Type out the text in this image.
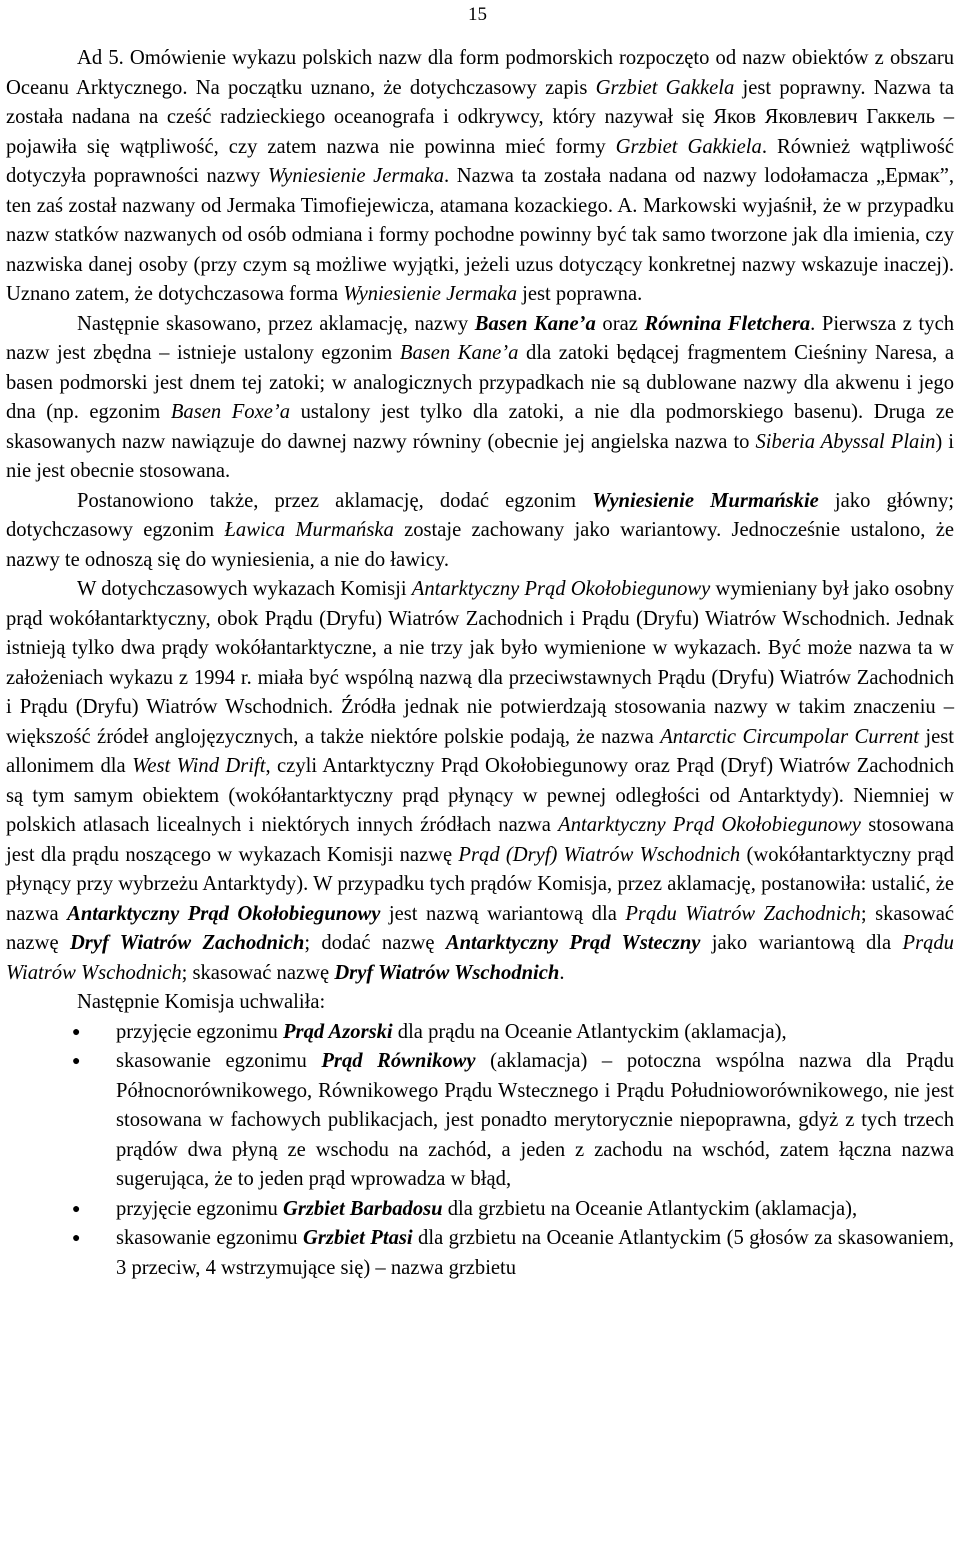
15

Ad 5. Omówienie wykazu polskich nazw dla form podmorskich rozpoczęto od nazw obiektów z obszaru Oceanu Arktycznego. Na początku uznano, że dotychczasowy zapis Grzbiet Gakkela jest poprawny. Nazwa ta została nadana na cześć radzieckiego oceanografa i odkrywcy, który nazywał się Яков Яковлевич Гаккель – pojawiła się wątpliwość, czy zatem nazwa nie powinna mieć formy Grzbiet Gakkiela. Również wątpliwość dotyczyła poprawności nazwy Wyniesienie Jermaka. Nazwa ta została nadana od nazwy lodołamacza „Ермак”, ten zaś został nazwany od Jermaka Timofiejewicza, atamana kozackiego. A. Markowski wyjaśnił, że w przypadku nazw statków nazwanych od osób odmiana i formy pochodne powinny być tak samo tworzone jak dla imienia, czy nazwiska danej osoby (przy czym są możliwe wyjątki, jeżeli uzus dotyczący konkretnej nazwy wskazuje inaczej). Uznano zatem, że dotychczasowa forma Wyniesienie Jermaka jest poprawna.

Następnie skasowano, przez aklamację, nazwy Basen Kane’a oraz Równina Fletchera. Pierwsza z tych nazw jest zbędna – istnieje ustalony egzonim Basen Kane’a dla zatoki będącej fragmentem Cieśniny Naresa, a basen podmorski jest dnem tej zatoki; w analogicznych przypadkach nie są dublowane nazwy dla akwenu i jego dna (np. egzonim Basen Foxe’a ustalony jest tylko dla zatoki, a nie dla podmorskiego basenu). Druga ze skasowanych nazw nawiązuje do dawnej nazwy równiny (obecnie jej angielska nazwa to Siberia Abyssal Plain) i nie jest obecnie stosowana.

Postanowiono także, przez aklamację, dodać egzonim Wyniesienie Murmańskie jako główny; dotychczasowy egzonim Ławica Murmańska zostaje zachowany jako wariantowy. Jednocześnie ustalono, że nazwy te odnoszą się do wyniesienia, a nie do ławicy.

W dotychczasowych wykazach Komisji Antarktyczny Prąd Okołobiegunowy wymieniany był jako osobny prąd wokółantarktyczny, obok Prądu (Dryfu) Wiatrów Zachodnich i Prądu (Dryfu) Wiatrów Wschodnich. Jednak istnieją tylko dwa prądy wokółantarktyczne, a nie trzy jak było wymienione w wykazach. Być może nazwa ta w założeniach wykazu z 1994 r. miała być wspólną nazwą dla przeciwstawnych Prądu (Dryfu) Wiatrów Zachodnich i Prądu (Dryfu) Wiatrów Wschodnich. Źródła jednak nie potwierdzają stosowania nazwy w takim znaczeniu – większość źródeł anglojęzycznych, a także niektóre polskie podają, że nazwa Antarctic Circumpolar Current jest allonimem dla West Wind Drift, czyli Antarktyczny Prąd Okołobiegunowy oraz Prąd (Dryf) Wiatrów Zachodnich są tym samym obiektem (wokółantarktyczny prąd płynący w pewnej odległości od Antarktydy). Niemniej w polskich atlasach licealnych i niektórych innych źródłach nazwa Antarktyczny Prąd Okołobiegunowy stosowana jest dla prądu noszącego w wykazach Komisji nazwę Prąd (Dryf) Wiatrów Wschodnich (wokółantarktyczny prąd płynący przy wybrzeżu Antarktydy). W przypadku tych prądów Komisja, przez aklamację, postanowiła: ustalić, że nazwa Antarktyczny Prąd Okołobiegunowy jest nazwą wariantową dla Prądu Wiatrów Zachodnich; skasować nazwę Dryf Wiatrów Zachodnich; dodać nazwę Antarktyczny Prąd Wsteczny jako wariantową dla Prądu Wiatrów Wschodnich; skasować nazwę Dryf Wiatrów Wschodnich.

Następnie Komisja uchwaliła:

● przyjęcie egzonimu Prąd Azorski dla prądu na Oceanie Atlantyckim (aklamacja),
● skasowanie egzonimu Prąd Równikowy (aklamacja) – potoczna wspólna nazwa dla Prądu Północnorównikowego, Równikowego Prądu Wstecznego i Prądu Południoworównikowego, nie jest stosowana w fachowych publikacjach, jest ponadto merytorycznie niepoprawna, gdyż z tych trzech prądów dwa płyną ze wschodu na zachód, a jeden z zachodu na wschód, zatem łączna nazwa sugerująca, że to jeden prąd wprowadza w błąd,
● przyjęcie egzonimu Grzbiet Barbadosu dla grzbietu na Oceanie Atlantyckim (aklamacja),
● skasowanie egzonimu Grzbiet Ptasi dla grzbietu na Oceanie Atlantyckim (5 głosów za skasowaniem, 3 przeciw, 4 wstrzymujące się) – nazwa grzbietu
